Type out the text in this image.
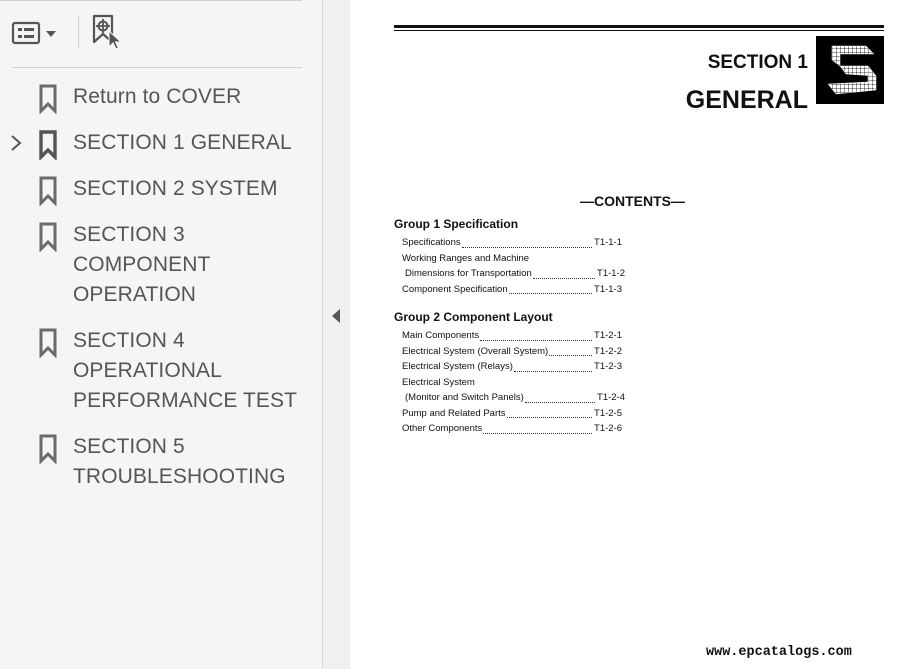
Return to COVER
SECTION 1 GENERAL
SECTION 2 SYSTEM
SECTION 3 COMPONENT OPERATION
SECTION 4 OPERATIONAL PERFORMANCE TEST
SECTION 5 TROUBLESHOOTING
SECTION 1
GENERAL
—CONTENTS—
Group 1 Specification
Specifications	T1-1-1
Working Ranges and Machine
Dimensions for Transportation	T1-1-2
Component Specification	T1-1-3
Group 2 Component Layout
Main Components	T1-2-1
Electrical System (Overall System)	T1-2-2
Electrical System (Relays)	T1-2-3
Electrical System
(Monitor and Switch Panels)	T1-2-4
Pump and Related Parts	T1-2-5
Other Components	T1-2-6
www.epcatalogs.com
